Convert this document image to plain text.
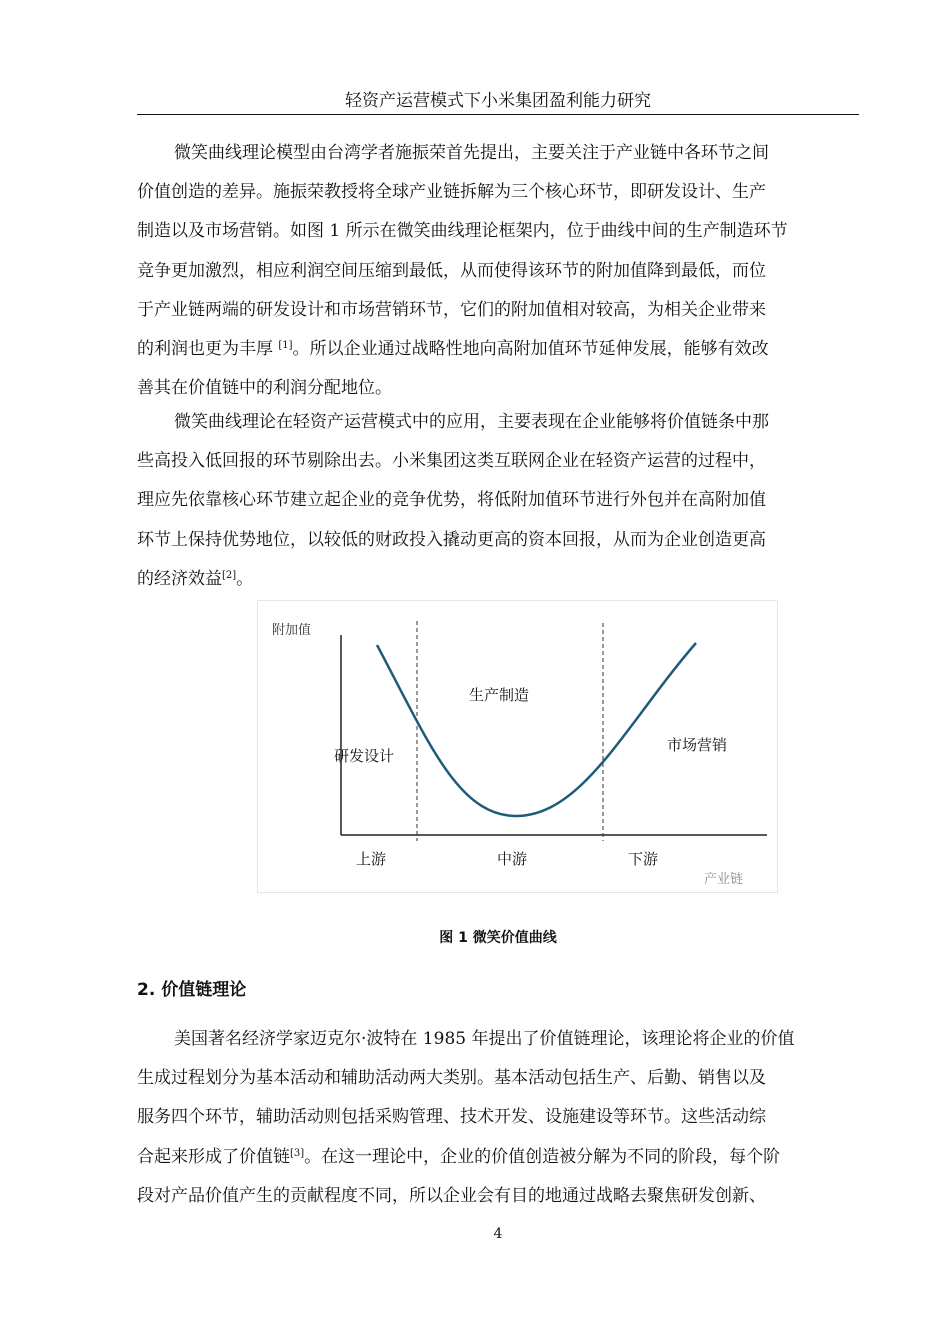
轻资产运营模式下小米集团盈利能力研究
微笑曲线理论模型由台湾学者施振荣首先提出，主要关注于产业链中各环节之间
价值创造的差异。施振荣教授将全球产业链拆解为三个核心环节，即研发设计、生产
制造以及市场营销。如图 1 所示在微笑曲线理论框架内，位于曲线中间的生产制造环节
竞争更加激烈，相应利润空间压缩到最低，从而使得该环节的附加值降到最低，而位
于产业链两端的研发设计和市场营销环节，它们的附加值相对较高，为相关企业带来
的利润也更为丰厚 [1]。所以企业通过战略性地向高附加值环节延伸发展，能够有效改
善其在价值链中的利润分配地位。
微笑曲线理论在轻资产运营模式中的应用，主要表现在企业能够将价值链条中那
些高投入低回报的环节剔除出去。小米集团这类互联网企业在轻资产运营的过程中，
理应先依靠核心环节建立起企业的竞争优势，将低附加值环节进行外包并在高附加值
环节上保持优势地位，以较低的财政投入撬动更高的资本回报，从而为企业创造更高
的经济效益[2]。
附加值
产业链
研发设计
生产制造
市场营销
上游	中游	下游
图 1 微笑价值曲线
2. 价值链理论
美国著名经济学家迈克尔·波特在 1985 年提出了价值链理论，该理论将企业的价值
生成过程划分为基本活动和辅助活动两大类别。基本活动包括生产、后勤、销售以及
服务四个环节，辅助活动则包括采购管理、技术开发、设施建设等环节。这些活动综
合起来形成了价值链[3]。在这一理论中，企业的价值创造被分解为不同的阶段，每个阶
段对产品价值产生的贡献程度不同，所以企业会有目的地通过战略去聚焦研发创新、
4
